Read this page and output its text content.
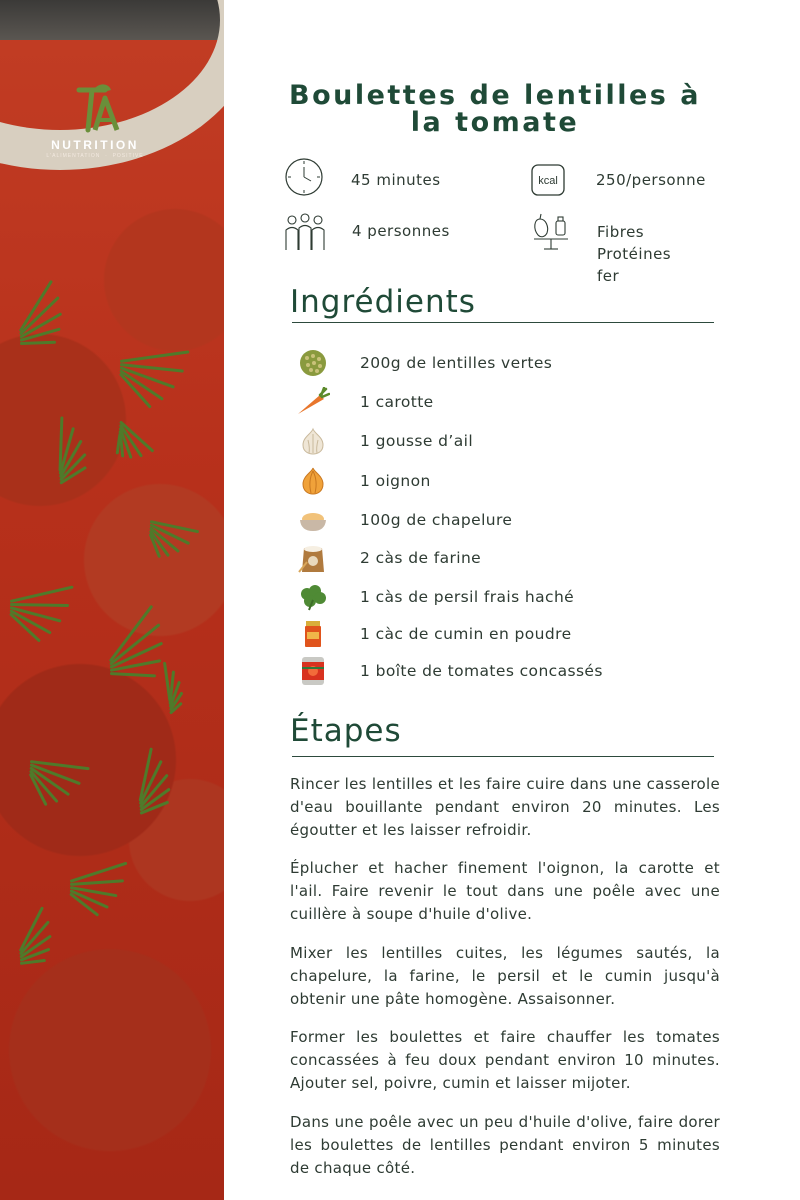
NUTRITION
L'ALIMENTATION  ·  POSITIVE
Boulettes de lentilles à la tomate
45 minutes	kcal	250/personne
4 personnes	Fibres
Protéines
fer
Ingrédients
200g de lentilles vertes
1 carotte
1 gousse d’ail
1 oignon
100g de chapelure
2 càs de farine
1 càs de persil frais haché
1 càc de cumin en poudre
1 boîte de tomates concassés
Étapes

Rincer les lentilles et les faire cuire dans une casserole d'eau bouillante pendant environ 20 minutes. Les égoutter et les laisser refroidir.

Éplucher et hacher finement l'oignon, la carotte et l'ail. Faire revenir le tout dans une poêle avec une cuillère à soupe d'huile d'olive.

Mixer les lentilles cuites, les légumes sautés, la chapelure, la farine, le persil et le cumin jusqu'à obtenir une pâte homogène. Assaisonner.

Former les boulettes et faire chauffer les tomates concassées à feu doux pendant environ 10 minutes. Ajouter sel, poivre, cumin et laisser mijoter.

Dans une poêle avec un peu d'huile d'olive, faire dorer les boulettes de lentilles pendant environ 5 minutes de chaque côté.
